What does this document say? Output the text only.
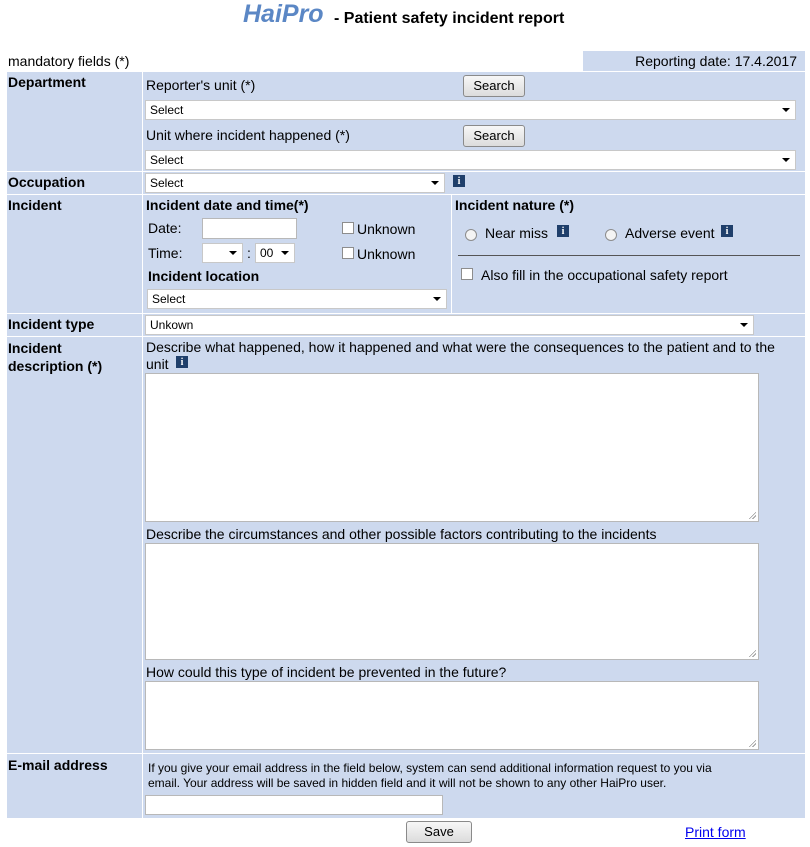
HaiPro - Patient safety incident report
mandatory fields (*)	Reporting date: 17.4.2017
Department	Reporter's unit (*)	Search
Select
Unit where incident happened (*)	Search
Select
Occupation	Select	i
Incident	Incident date and time(*)
Date:	Unknown
Time:	: 00	Unknown
Incident location
Select
Incident nature (*)
Near miss	i	Adverse event	i
Also fill in the occupational safety report
Incident type	Unkown
Incident
description (*)
Describe what happened, how it happened and what were the consequences to the patient and to the
unit	i
Describe the circumstances and other possible factors contributing to the incidents
How could this type of incident be prevented in the future?
E-mail address	If you give your email address in the field below, system can send additional information request to you via
email. Your address will be saved in hidden field and it will not be shown to any other HaiPro user.
Save	Print form
